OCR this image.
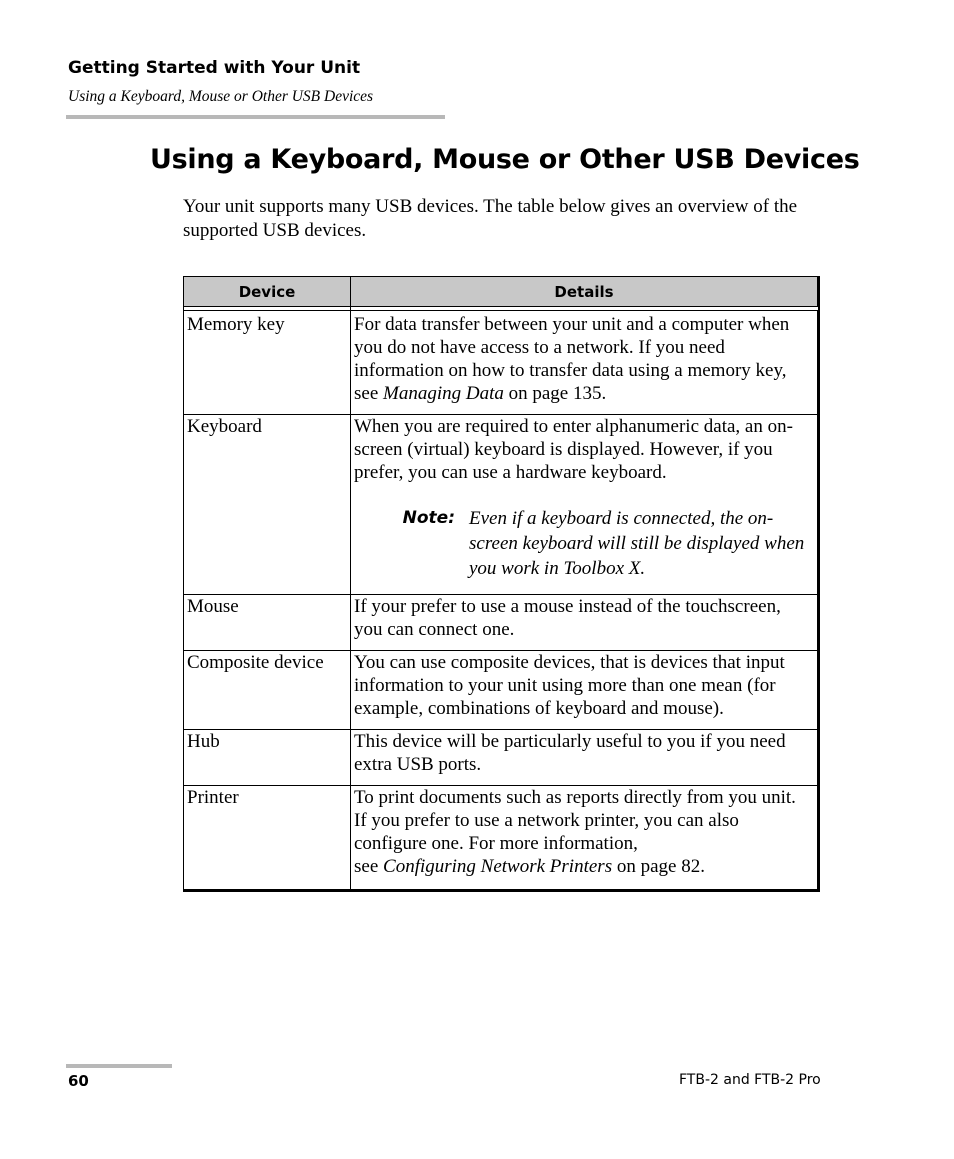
Getting Started with Your Unit
Using a Keyboard, Mouse or Other USB Devices
Using a Keyboard, Mouse or Other USB Devices

Your unit supports many USB devices. The table below gives an overview of the supported USB devices.

Device	Details

Memory key	For data transfer between your unit and a computer when you do not have access to a network. If you need information on how to transfer data using a memory key, see Managing Data on page 135.
Keyboard	When you are required to enter alphanumeric data, an on-screen (virtual) keyboard is displayed. However, if you prefer, you can use a hardware keyboard.
Note: Even if a keyboard is connected, the on-screen keyboard will still be displayed when you work in Toolbox X.

Mouse	If your prefer to use a mouse instead of the touchscreen, you can connect one.
Composite device	You can use composite devices, that is devices that input information to your unit using more than one mean (for example, combinations of keyboard and mouse).
Hub	This device will be particularly useful to you if you need extra USB ports.
Printer	To print documents such as reports directly from you unit. If you prefer to use a network printer, you can also configure one. For more information,
see Configuring Network Printers on page 82.
60	FTB-2 and FTB-2 Pro
